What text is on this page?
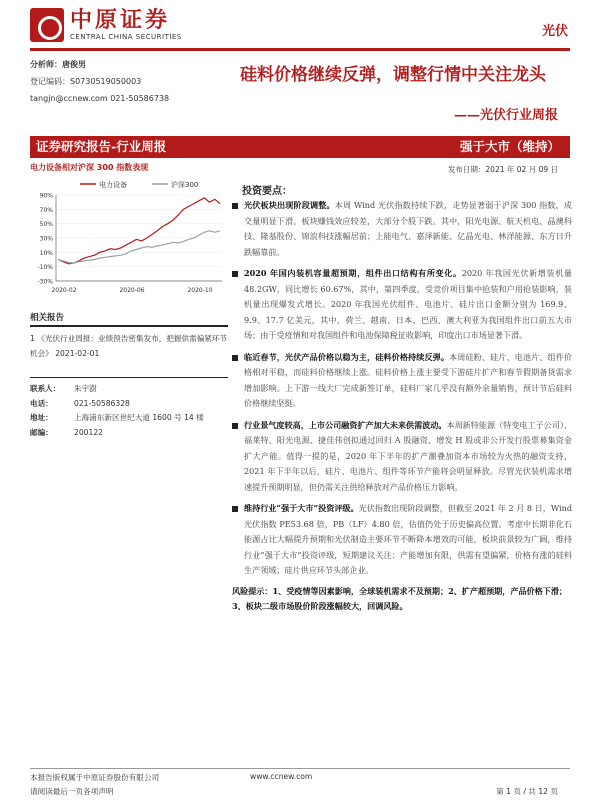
中原证券
CENTRAL CHINA SECURITIES	光伏
分析师：唐俊男
登记编码：S0730519050003
tangjn@ccnew.com 021-50586738
硅料价格继续反弹，调整行情中关注龙头
——光伏行业周报
证券研究报告-行业周报	强于大市（维持）
发布日期：2021 年 02 月 09 日
电力设备相对沪深 300 指数表现
电力设备	沪深300
90%
70%
50%
30%
10%
-10%
-30%
2020-02	2020-06	2020-10
相关报告
1 《光伏行业周报：业绩预告密集发布，把握供需偏紧环节机会》 2021-02-01
联系人：	朱宇澍
电话：	021-50586328
地址：	上海浦东新区世纪大道 1600 号 14 楼
邮编：	200122
投资要点：
光伏板块出现阶段调整。本周 Wind 光伏指数持续下跌，走势显著弱于沪深 300 指数，成交量明显下滑。板块赚钱效应较差，大部分个股下跌。其中，阳光电源、航天机电、晶澳科技、隆基股份、锦浪科技涨幅居前；上能电气、嘉泽新能、亿晶光电、林洋能源、东方日升跌幅靠前。
2020 年国内装机容量超预期，组件出口结构有所变化。2020 年我国光伏新增装机量 48.2GW，同比增长 60.67%，其中，第四季度，受竞价项目集中抢装和户用抢装影响，装机量出现爆发式增长。2020 年我国光伏组件、电池片、硅片出口金额分别为 169.9、9.9、17.7 亿美元，其中，荷兰、越南、日本、巴西、澳大利亚为我国组件出口前五大市场；由于受疫情和对我国组件和电池保障税征收影响，印度出口市场显著下滑。
临近春节，光伏产品价格以稳为主，硅料价格持续反弹。本周硅粉、硅片、电池片、组件价格相对平稳，而硅料价格继续上涨。硅料价格上涨主要受下游硅片扩产和春节假期备货需求增加影响。上下游一线大厂完成新签订单，硅料厂家几乎没有额外余量销售，预计节后硅料价格继续坚挺。
行业景气度较高，上市公司融资扩产加大未来供需波动。本周新特能源（特变电工子公司）、福莱特、阳光电源、捷佳伟创拟通过回归 A 股融资、增发 H 股或非公开发行股票募集资金扩大产能。值得一提的是，2020 年下半年的扩产潮叠加资本市场较为火热的融资支持，2021 年下半年以后，硅片、电池片、组件等环节产能将会明显释放。尽管光伏装机需求增速提升预期明显，但仍需关注供给释放对产品价格压力影响。
维持行业“强于大市”投资评级。光伏指数出现阶段调整，但截至 2021 年 2 月 8 日，Wind 光伏指数 PE53.68 倍，PB（LF）4.80 倍，估值仍处于历史偏高位置。考虑中长期非化石能源占比大幅提升预期和光伏制造主要环节不断降本增效的可能，板块前景较为广阔，维持行业“强于大市”投资评级，短期建议关注：产能增加有限，供需有望偏紧，价格有涨的硅料生产领域；硅片供应环节头部企业。
风险提示：1、受疫情等因素影响，全球装机需求不及预期；2、扩产超预期，产品价格下滑；3、板块二级市场股价阶段涨幅较大，回调风险。
本报告版权属于中原证券股份有限公司	www.ccnew.com
请阅读最后一页各项声明	第 1 页 / 共 12 页
